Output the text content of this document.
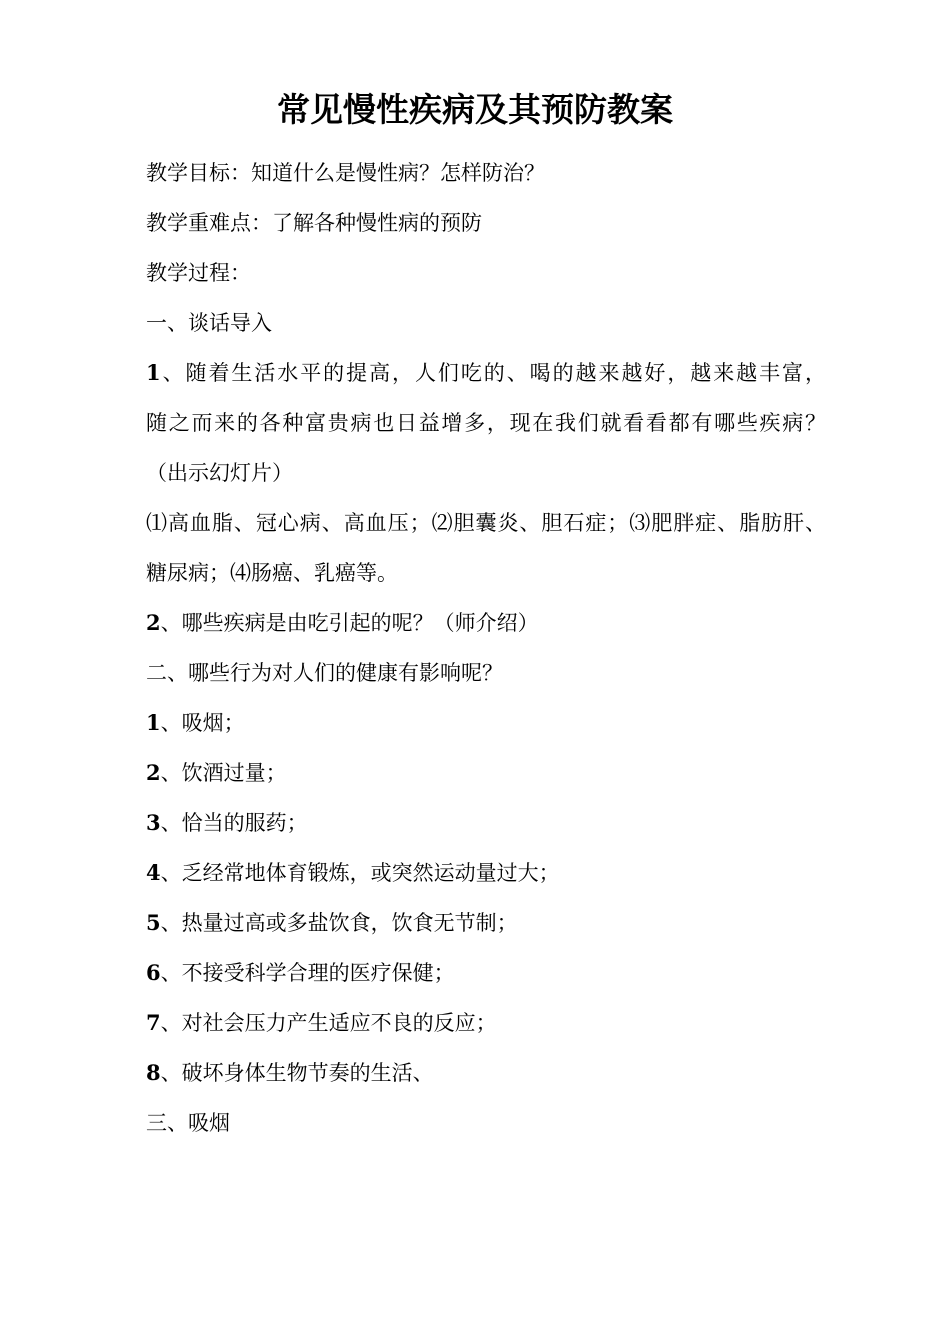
常见慢性疾病及其预防教案
教学目标：知道什么是慢性病？怎样防治？
教学重难点：了解各种慢性病的预防
教学过程：
一、谈话导入
1、随着生活水平的提高，人们吃的、喝的越来越好，越来越丰富，
随之而来的各种富贵病也日益增多，现在我们就看看都有哪些疾病？
（出示幻灯片）
⑴高血脂、冠心病、高血压；⑵胆囊炎、胆石症；⑶肥胖症、脂肪肝、
糖尿病；⑷肠癌、乳癌等。
2、哪些疾病是由吃引起的呢？（师介绍）
二、哪些行为对人们的健康有影响呢？
1、吸烟；
2、饮酒过量；
3、恰当的服药；
4、乏经常地体育锻炼，或突然运动量过大；
5、热量过高或多盐饮食，饮食无节制；
6、不接受科学合理的医疗保健；
7、对社会压力产生适应不良的反应；
8、破坏身体生物节奏的生活、
三、吸烟
